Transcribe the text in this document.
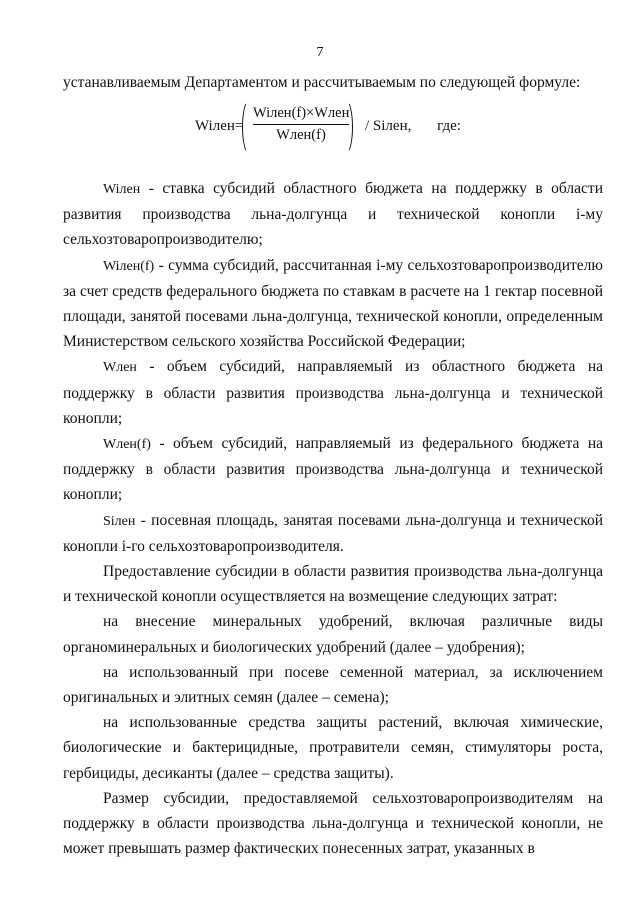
7
устанавливаемым Департаментом и рассчитываемым по следующей формуле:
Wiлен=
Wiлен(f)×Wлен
Wлен(f)
/ Siлен, где:

Wiлен - ставка субсидий областного бюджета на поддержку в области развития производства льна-долгунца и технической конопли i-му сельхозтоваропроизводителю;

Wiлен(f) - сумма субсидий, рассчитанная i-му сельхозтоваропроизводителю за счет средств федерального бюджета по ставкам в расчете на 1 гектар посевной площади, занятой посевами льна-долгунца, технической конопли, определенным Министерством сельского хозяйства Российской Федерации;

Wлен - объем субсидий, направляемый из областного бюджета на поддержку в области развития производства льна-долгунца и технической конопли;

Wлен(f) - объем субсидий, направляемый из федерального бюджета на поддержку в области развития производства льна-долгунца и технической конопли;

Siлен - посевная площадь, занятая посевами льна-долгунца и технической конопли i-го сельхозтоваропроизводителя.

Предоставление субсидии в области развития производства льна-долгунца и технической конопли осуществляется на возмещение следующих затрат:

на внесение минеральных удобрений, включая различные виды органоминеральных и биологических удобрений (далее – удобрения);

на использованный при посеве семенной материал, за исключением оригинальных и элитных семян (далее – семена);

на использованные средства защиты растений, включая химические, биологические и бактерицидные, протравители семян, стимуляторы роста, гербициды, десиканты (далее – средства защиты).

Размер субсидии, предоставляемой сельхозтоваропроизводителям на поддержку в области производства льна-долгунца и технической конопли, не может превышать размер фактических понесенных затрат, указанных в
